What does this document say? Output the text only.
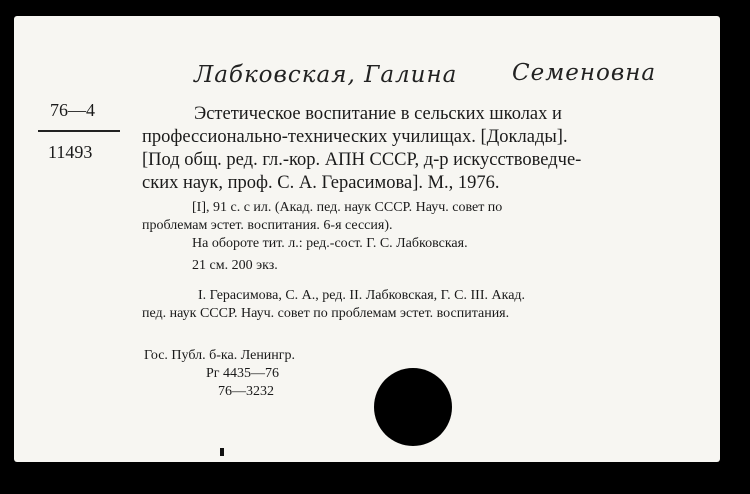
Лабковская, Галина Семеновна
76—4
11493
Эстетическое воспитание в сельских школах и
профессионально-технических училищах. [Доклады].
[Под общ. ред. гл.-кор. АПН СССР, д-р искусствоведче-
ских наук, проф. С. А. Герасимова]. М., 1976.
[I], 91 с. с ил. (Акад. пед. наук СССР. Науч. совет по
проблемам эстет. воспитания. 6-я сессия).
На обороте тит. л.: ред.-сост. Г. С. Лабковская.
21 см. 200 экз.
I. Герасимова, С. А., ред. II. Лабковская, Г. С. III. Акад.
пед. наук СССР. Науч. совет по проблемам эстет. воспитания.
Гос. Публ. б-ка. Ленингр.
Рг 4435—76
76—3232
